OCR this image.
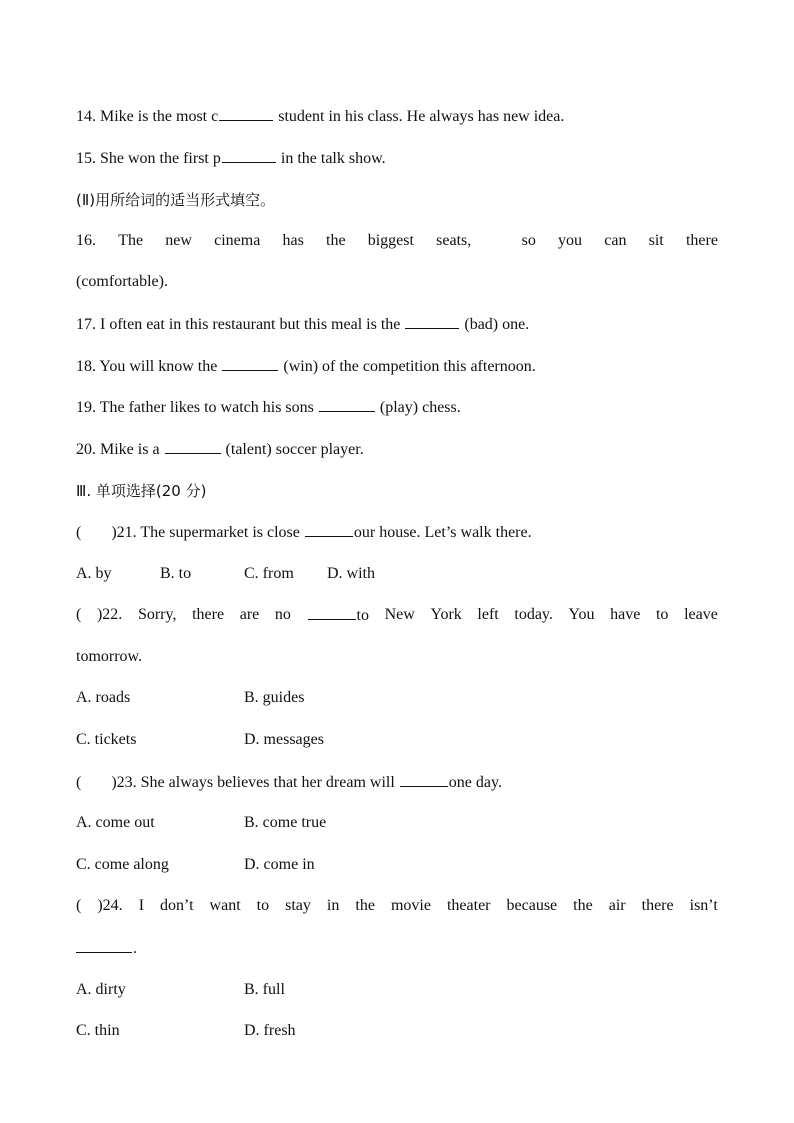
14. Mike is the most c	student in his class. He always has new idea.
15. She won the first p	in the talk show.
(Ⅱ)用所给词的适当形式填空。
16. The new cinema has the biggest seats,	so you can sit there
(comfortable).
17. I often eat in this restaurant but this meal is the	(bad) one.
18. You will know the	(win) of the competition this afternoon.
19. The father likes to watch his sons	(play) chess.
20. Mike is a	(talent) soccer player.
Ⅲ. 单项选择(20 分)
( )21. The supermarket is close	our house. Let’s walk there.
A. by	B. to	C. from D. with
( )22. Sorry, there are no	to New York left today. You have to leave
tomorrow.
A. roads	B. guides
C. tickets	D. messages
( )23. She always believes that her dream will	one day.
A. come out	B. come true
C. come along	D. come in
( )24. I don’t want to stay in the movie theater because the air there isn’t
.
A. dirty	B. full
C. thin	D. fresh
